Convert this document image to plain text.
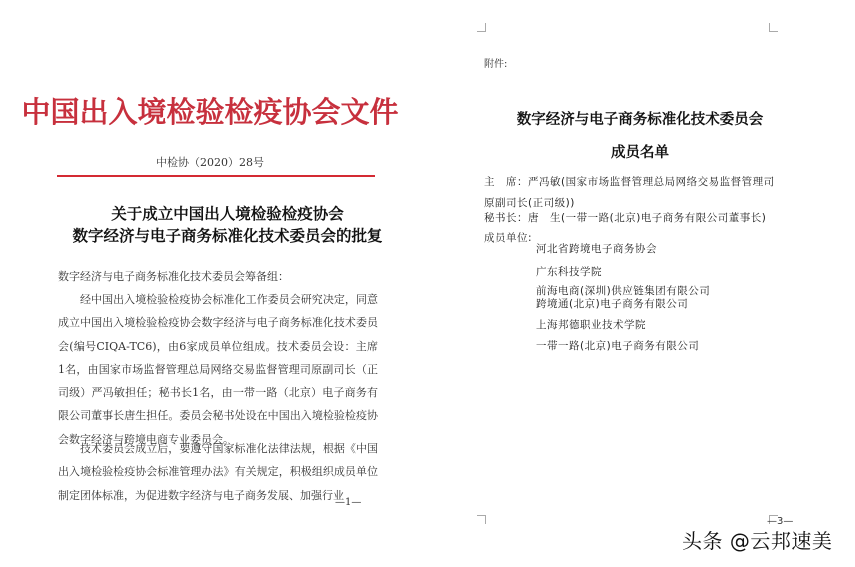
中国出入境检验检疫协会文件
中检协（2020）28号
关于成立中国出人境检验检疫协会
数字经济与电子商务标准化技术委员会的批复
数字经济与电子商务标准化技术委员会筹备组：
经中国出入境检验检疫协会标准化工作委员会研究决定，同意成立中国出入境检验检疫协会数字经济与电子商务标准化技术委员会(编号CIQA-TC6)，由6家成员单位组成。技术委员会设：主席1名，由国家市场监督管理总局网络交易监督管理司原副司长（正司级）严冯敏担任；秘书长1名，由一带一路（北京）电子商务有限公司董事长唐生担任。委员会秘书处设在中国出入境检验检疫协会数字经济与跨境电商专业委员会。
技术委员会成立后，要遵守国家标准化法律法规，根据《中国出入境检验检疫协会标准管理办法》有关规定，积极组织成员单位制定团体标准，为促进数字经济与电子商务发展、加强行业
—1—
附件:
数字经济与电子商务标准化技术委员会
成员名单
主　席：严冯敏(国家市场监督管理总局网络交易监督管理司
原副司长(正司级))
秘书长：唐　生(一带一路(北京)电子商务有限公司董事长)
成员单位:
河北省跨境电子商务协会
广东科技学院
前海电商(深圳)供应链集团有限公司
跨境通(北京)电子商务有限公司
上海邦德职业技术学院
一带一路(北京)电子商务有限公司
—3—
头条 @云邦速美
